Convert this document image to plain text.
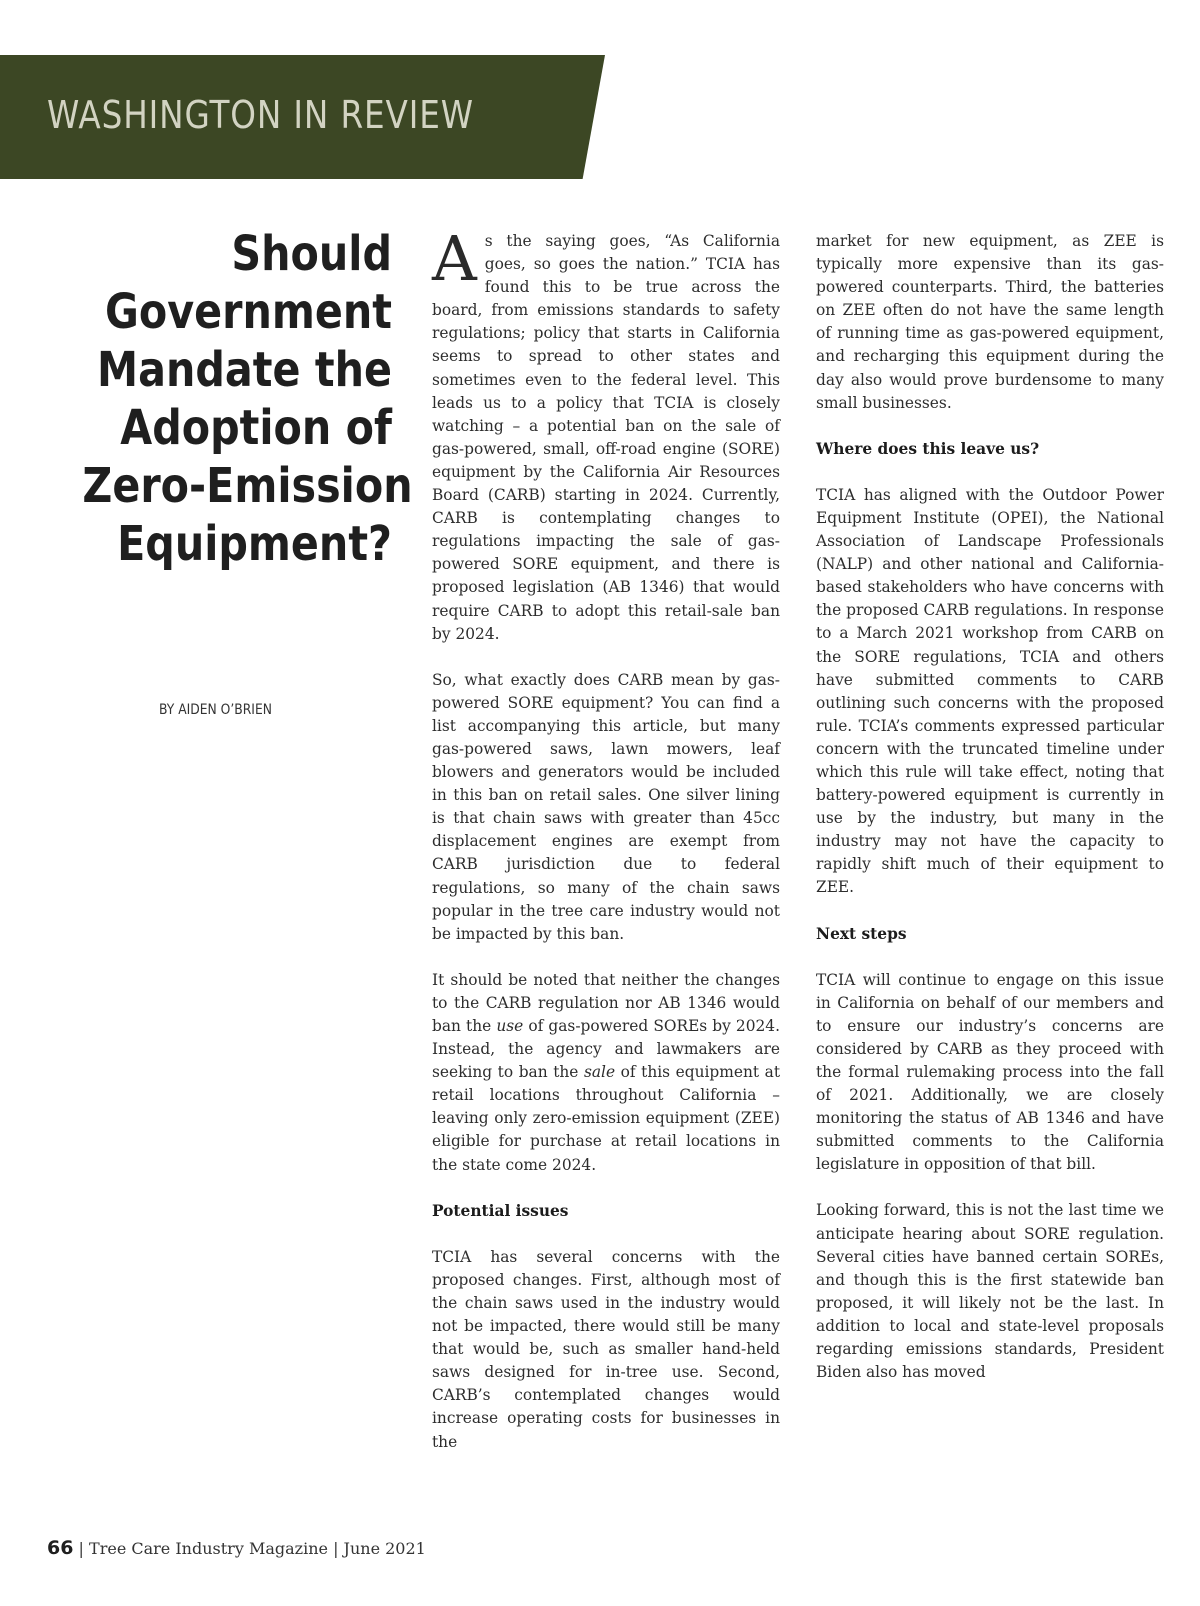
WASHINGTON IN REVIEW
Should
Government
Mandate the
Adoption of
Zero-Emission
Equipment?
BY AIDEN O’BRIEN

As the saying goes, “As California goes, so goes the nation.” TCIA has found this to be true across the board, from emissions standards to safety regulations; policy that starts in California seems to spread to other states and sometimes even to the federal level. This leads us to a policy that TCIA is closely watching – a potential ban on the sale of gas-powered, small, off-road engine (SORE) equipment by the California Air Resources Board (CARB) starting in 2024. Currently, CARB is contemplating changes to regulations impacting the sale of gas-powered SORE equipment, and there is proposed legislation (AB 1346) that would require CARB to adopt this retail-sale ban by 2024.

So, what exactly does CARB mean by gas-powered SORE equipment? You can find a list accompanying this article, but many gas-powered saws, lawn mowers, leaf blowers and generators would be included in this ban on retail sales. One silver lining is that chain saws with greater than 45cc displacement engines are exempt from CARB jurisdiction due to federal regulations, so many of the chain saws popular in the tree care industry would not be impacted by this ban.

It should be noted that neither the changes to the CARB regulation nor AB 1346 would ban the use of gas-powered SOREs by 2024. Instead, the agency and lawmakers are seeking to ban the sale of this equipment at retail locations throughout California – leaving only zero-emission equipment (ZEE) eligible for purchase at retail locations in the state come 2024.

Potential issues

TCIA has several concerns with the proposed changes. First, although most of the chain saws used in the industry would not be impacted, there would still be many that would be, such as smaller hand-held saws designed for in-tree use. Second, CARB’s contemplated changes would increase operating costs for businesses in the

market for new equipment, as ZEE is typically more expensive than its gas-powered counterparts. Third, the batteries on ZEE often do not have the same length of running time as gas-powered equipment, and recharging this equipment during the day also would prove burdensome to many small businesses.

Where does this leave us?

TCIA has aligned with the Outdoor Power Equipment Institute (OPEI), the National Association of Landscape Professionals (NALP) and other national and California-based stakeholders who have concerns with the proposed CARB regulations. In response to a March 2021 workshop from CARB on the SORE regulations, TCIA and others have submitted comments to CARB outlining such concerns with the proposed rule. TCIA’s comments expressed particular concern with the truncated timeline under which this rule will take effect, noting that battery-powered equipment is currently in use by the industry, but many in the industry may not have the capacity to rapidly shift much of their equipment to ZEE.

Next steps

TCIA will continue to engage on this issue in California on behalf of our members and to ensure our industry’s concerns are considered by CARB as they proceed with the formal rulemaking process into the fall of 2021. Additionally, we are closely monitoring the status of AB 1346 and have submitted comments to the California legislature in opposition of that bill.

Looking forward, this is not the last time we anticipate hearing about SORE regulation. Several cities have banned certain SOREs, and though this is the first statewide ban proposed, it will likely not be the last. In addition to local and state-level proposals regarding emissions standards, President Biden also has moved

66 | Tree Care Industry Magazine | June 2021
